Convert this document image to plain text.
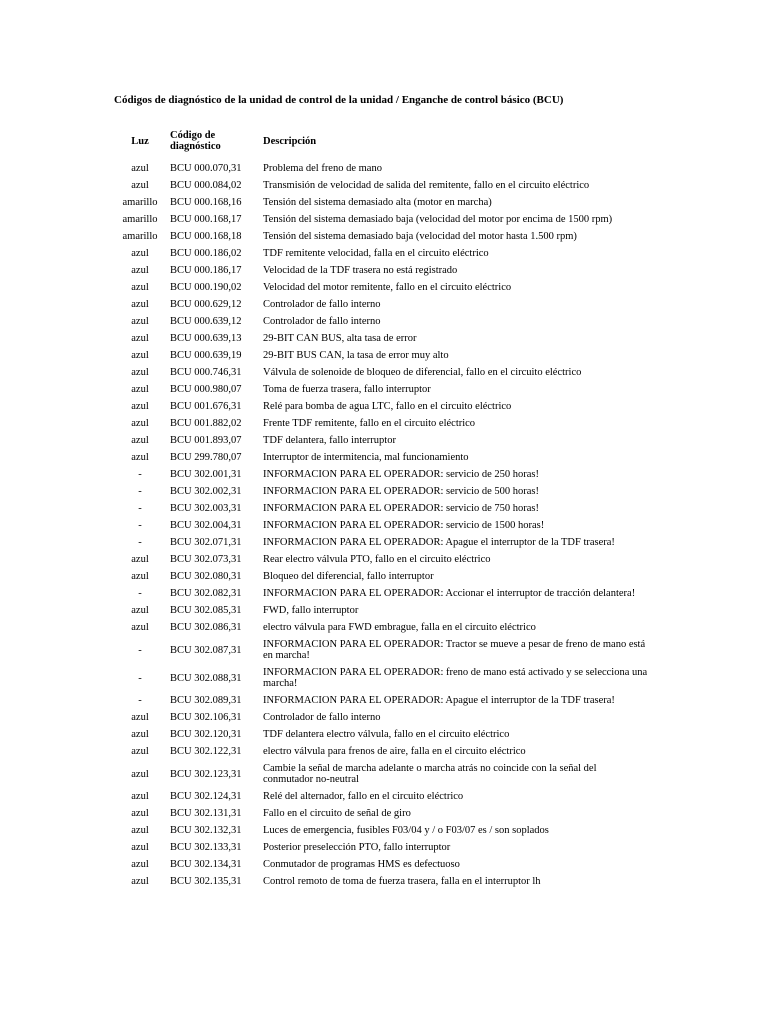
Códigos de diagnóstico de la unidad de control de la unidad / Enganche de control básico (BCU)
Luz	Código de diagnóstico	Descripción
azul	BCU 000.070,31	Problema del freno de mano
azul	BCU 000.084,02	Transmisión de velocidad de salida del remitente, fallo en el circuito eléctrico
amarillo	BCU 000.168,16	Tensión del sistema demasiado alta (motor en marcha)
amarillo	BCU 000.168,17	Tensión del sistema demasiado baja (velocidad del motor por encima de 1500 rpm)
amarillo	BCU 000.168,18	Tensión del sistema demasiado baja (velocidad del motor hasta 1.500 rpm)
azul	BCU 000.186,02	TDF remitente velocidad, falla en el circuito eléctrico
azul	BCU 000.186,17	Velocidad de la TDF trasera no está registrado
azul	BCU 000.190,02	Velocidad del motor remitente, fallo en el circuito eléctrico
azul	BCU 000.629,12	Controlador de fallo interno
azul	BCU 000.639,12	Controlador de fallo interno
azul	BCU 000.639,13	29-BIT CAN BUS, alta tasa de error
azul	BCU 000.639,19	29-BIT BUS CAN, la tasa de error muy alto
azul	BCU 000.746,31	Válvula de solenoide de bloqueo de diferencial, fallo en el circuito eléctrico
azul	BCU 000.980,07	Toma de fuerza trasera, fallo interruptor
azul	BCU 001.676,31	Relé para bomba de agua LTC, fallo en el circuito eléctrico
azul	BCU 001.882,02	Frente TDF remitente, fallo en el circuito eléctrico
azul	BCU 001.893,07	TDF delantera, fallo interruptor
azul	BCU 299.780,07	Interruptor de intermitencia, mal funcionamiento
-	BCU 302.001,31	INFORMACION PARA EL OPERADOR: servicio de 250 horas!
-	BCU 302.002,31	INFORMACION PARA EL OPERADOR: servicio de 500 horas!
-	BCU 302.003,31	INFORMACION PARA EL OPERADOR: servicio de 750 horas!
-	BCU 302.004,31	INFORMACION PARA EL OPERADOR: servicio de 1500 horas!
-	BCU 302.071,31	INFORMACION PARA EL OPERADOR: Apague el interruptor de la TDF trasera!
azul	BCU 302.073,31	Rear electro válvula PTO, fallo en el circuito eléctrico
azul	BCU 302.080,31	Bloqueo del diferencial, fallo interruptor
-	BCU 302.082,31	INFORMACION PARA EL OPERADOR: Accionar el interruptor de tracción delantera!
azul	BCU 302.085,31	FWD, fallo interruptor
azul	BCU 302.086,31	electro válvula para FWD embrague, falla en el circuito eléctrico
-	BCU 302.087,31	INFORMACION PARA EL OPERADOR: Tractor se mueve a pesar de freno de mano está en marcha!
-	BCU 302.088,31	INFORMACION PARA EL OPERADOR: freno de mano está activado y se selecciona una marcha!
-	BCU 302.089,31	INFORMACION PARA EL OPERADOR: Apague el interruptor de la TDF trasera!
azul	BCU 302.106,31	Controlador de fallo interno
azul	BCU 302.120,31	TDF delantera electro válvula, fallo en el circuito eléctrico
azul	BCU 302.122,31	electro válvula para frenos de aire, falla en el circuito eléctrico
azul	BCU 302.123,31	Cambie la señal de marcha adelante o marcha atrás no coincide con la señal del conmutador no-neutral
azul	BCU 302.124,31	Relé del alternador, fallo en el circuito eléctrico
azul	BCU 302.131,31	Fallo en el circuito de señal de giro
azul	BCU 302.132,31	Luces de emergencia, fusibles F03/04 y / o F03/07 es / son soplados
azul	BCU 302.133,31	Posterior preselección PTO, fallo interruptor
azul	BCU 302.134,31	Conmutador de programas HMS es defectuoso
azul	BCU 302.135,31	Control remoto de toma de fuerza trasera, falla en el interruptor lh
